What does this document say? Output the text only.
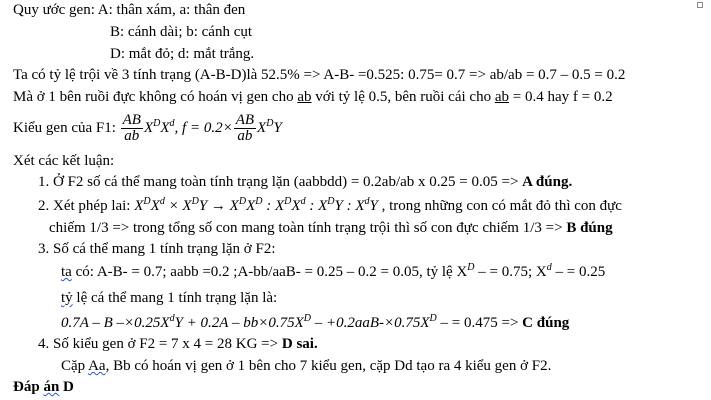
Quy ước gen: A: thân xám, a: thân đen
B: cánh dài; b: cánh cụt
D: mắt đỏ; d: mắt trắng.
Ta có tỷ lệ trội về 3 tính trạng (A-B-D)là 52.5% => A-B- =0.525: 0.75= 0.7 => ab/ab = 0.7 – 0.5 = 0.2
Mà ở 1 bên ruồi đực không có hoán vị gen cho ab với tỷ lệ 0.5, bên ruồi cái cho ab = 0.4 hay f = 0.2
Kiểu gen của F1: $\frac{AB}{ab} X^DX^d$, $f = 0.2\times \frac{AB}{ab} X^DY$
Xét các kết luận:
1. Ở F2 số cá thể mang toàn tính trạng lặn (aabbdd) = 0.2ab/ab x 0.25 = 0.05 => A đúng.
2. Xét phép lai: $X^DX^d \times X^DY \to X^DX^D$ : $X^DX^d$ : $X^DY$ : $X^dY$ , trong những con có mắt đỏ thì con đực
chiếm 1/3 => trong tổng số con mang toàn tính trạng trội thì số con đực chiếm 1/3 => B đúng
3. Số cá thể mang 1 tính trạng lặn ở F2:
ta có: A-B- = 0.7; aabb =0.2 ;A-bb/aaB- = 0.25 – 0.2 = 0.05, tỷ lệ $X^D$ – = 0.75; $X^d$ – = 0.25
tỷ lệ cá thể mang 1 tính trạng lặn là:
0.7A – B $-\times 0.25X^dY + 0.2A - bb\times 0.75X^D - +0.2aaB-\times 0.75X^D$ – = 0.475 => C đúng
4. Số kiểu gen ở F2 = 7 x 4 = 28 KG => D sai.
Cặp Aa, Bb có hoán vị gen ở 1 bên cho 7 kiểu gen, cặp Dd tạo ra 4 kiểu gen ở F2.
Đáp án D
